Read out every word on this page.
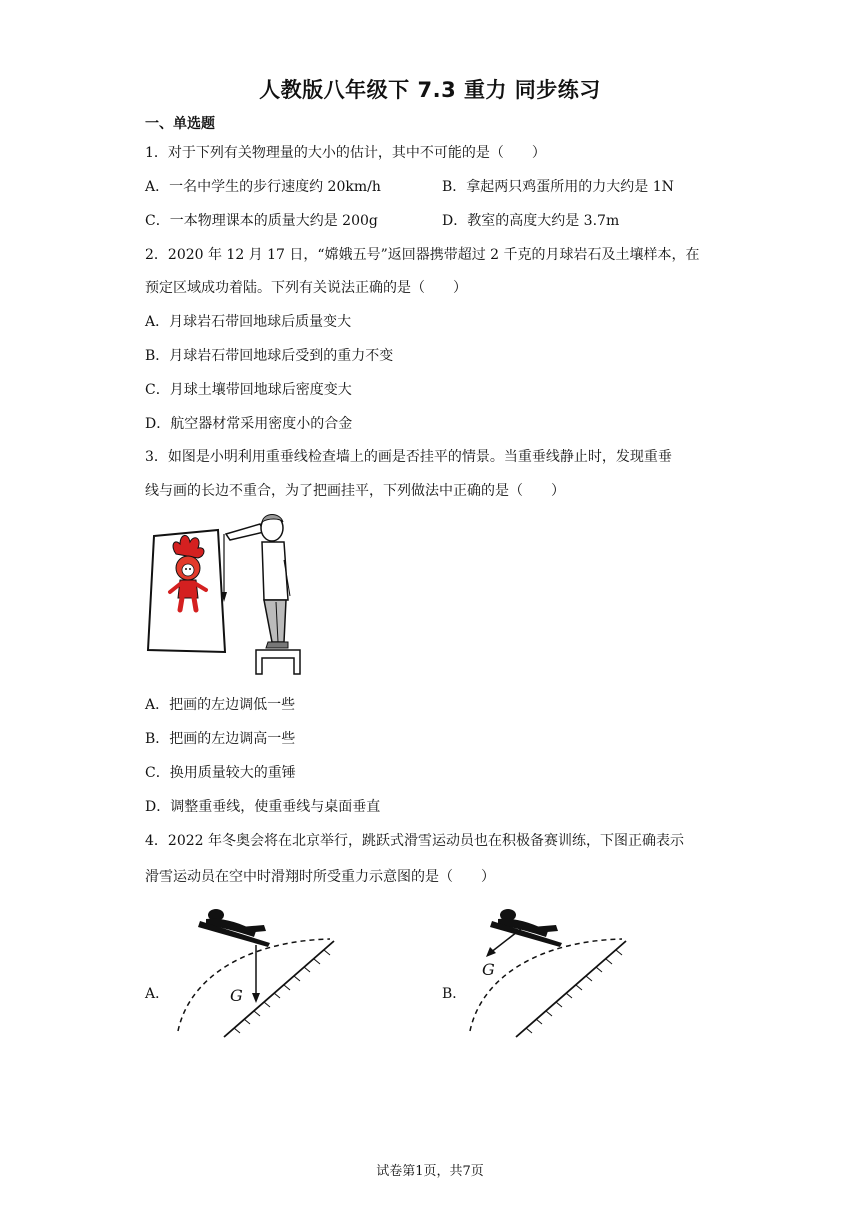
人教版八年级下 7.3 重力 同步练习
一、单选题
1．对于下列有关物理量的大小的估计，其中不可能的是（　　）
A．一名中学生的步行速度约 20km/h	B．拿起两只鸡蛋所用的力大约是 1N
C．一本物理课本的质量大约是 200g	D．教室的高度大约是 3.7m
2．2020 年 12 月 17 日，“嫦娥五号”返回器携带超过 2 千克的月球岩石及土壤样本，在
预定区域成功着陆。下列有关说法正确的是（　　）
A．月球岩石带回地球后质量变大
B．月球岩石带回地球后受到的重力不变
C．月球土壤带回地球后密度变大
D．航空器材常采用密度小的合金
3．如图是小明利用重垂线检查墙上的画是否挂平的情景。当重垂线静止时，发现重垂
线与画的长边不重合，为了把画挂平，下列做法中正确的是（　　）
A．把画的左边调低一些
B．把画的左边调高一些
C．换用质量较大的重锤
D．调整重垂线，使重垂线与桌面垂直
4．2022 年冬奥会将在北京举行，跳跃式滑雪运动员也在积极备赛训练，下图正确表示
滑雪运动员在空中时滑翔时所受重力示意图的是（　　）
A．	G	B．
G
试卷第1页，共7页
